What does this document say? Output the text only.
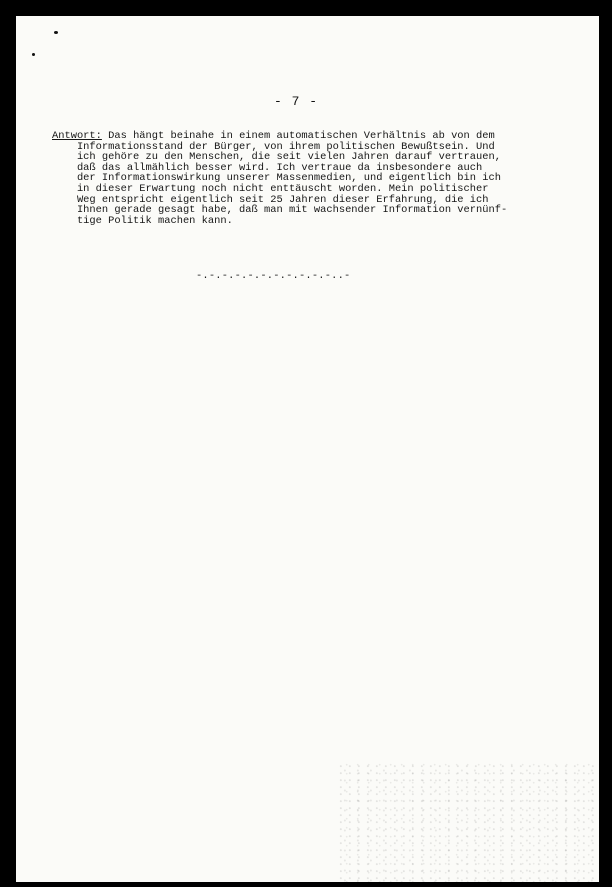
- 7 -
Antwort: Das hängt beinahe in einem automatischen Verhältnis ab von dem
Informationsstand der Bürger, von ihrem politischen Bewußtsein. Und
ich gehöre zu den Menschen, die seit vielen Jahren darauf vertrauen,
daß das allmählich besser wird. Ich vertraue da insbesondere auch
der Informationswirkung unserer Massenmedien, und eigentlich bin ich
in dieser Erwartung noch nicht enttäuscht worden. Mein politischer
Weg entspricht eigentlich seit 25 Jahren dieser Erfahrung, die ich
Ihnen gerade gesagt habe, daß man mit wachsender Information vernünf-
tige Politik machen kann.
-.-.-.-.-.-.-.-.-.-.-..-
